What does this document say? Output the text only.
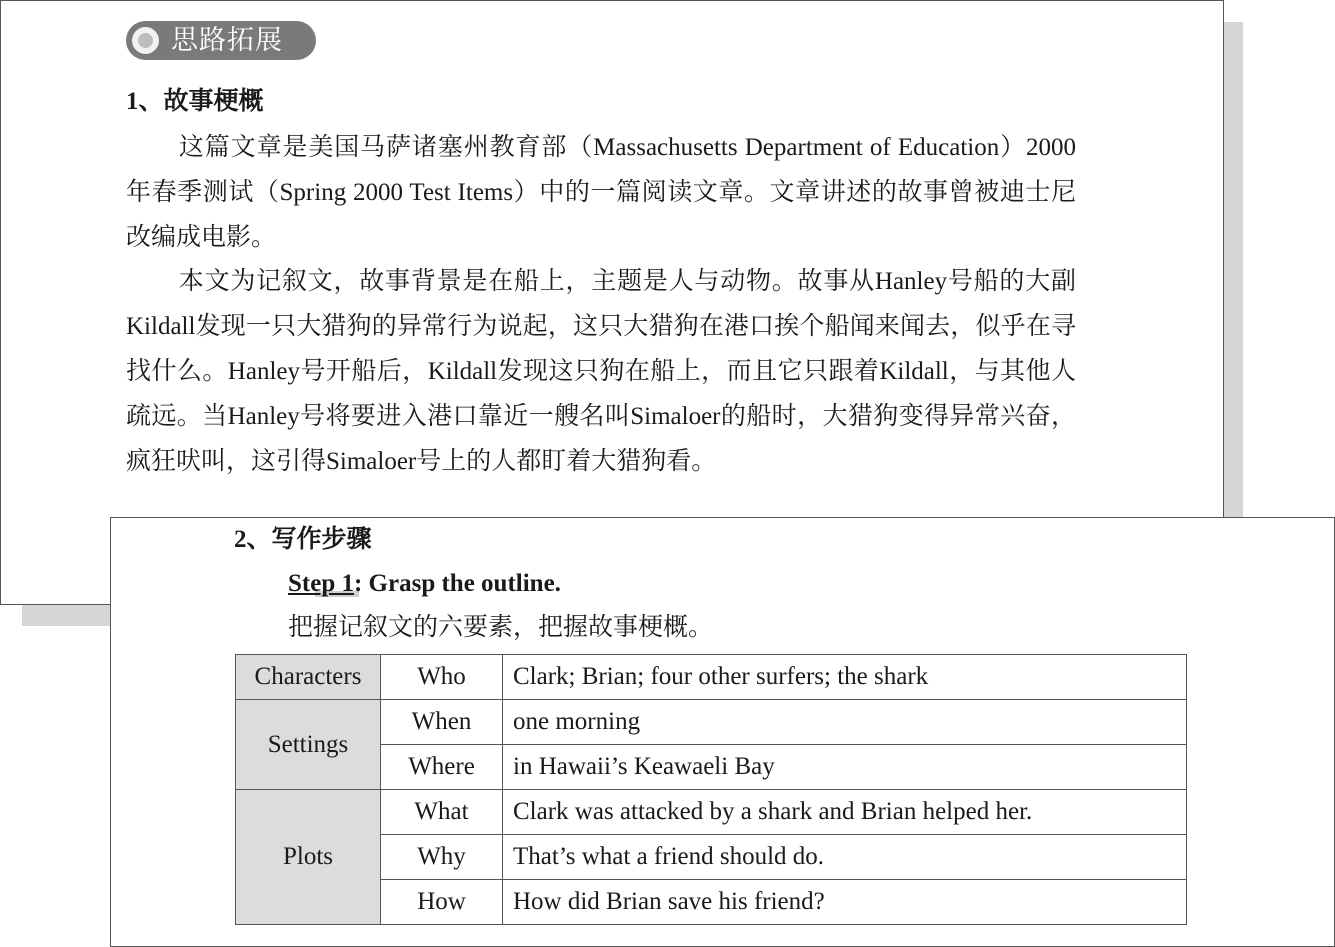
思路拓展
1、故事梗概

这篇文章是美国马萨诸塞州教育部（Massachusetts Department of Education）2000年春季测试（Spring 2000 Test Items）中的一篇阅读文章。文章讲述的故事曾被迪士尼改编成电影。

本文为记叙文，故事背景是在船上，主题是人与动物。故事从Hanley号船的大副Kildall发现一只大猎狗的异常行为说起，这只大猎狗在港口挨个船闻来闻去，似乎在寻找什么。Hanley号开船后，Kildall发现这只狗在船上，而且它只跟着Kildall，与其他人疏远。当Hanley号将要进入港口靠近一艘名叫Simaloer的船时，大猎狗变得异常兴奋，疯狂吠叫，这引得Simaloer号上的人都盯着大猎狗看。

2、写作步骤
Step 1: Grasp the outline.
把握记叙文的六要素，把握故事梗概。
Characters	Who	Clark; Brian; four other surfers; the shark
Settings	When	one morning
	Where	in Hawaii’s Keawaeli Bay
Plots	What	Clark was attacked by a shark and Brian helped her.
	Why	That’s what a friend should do.
	How	How did Brian save his friend?
